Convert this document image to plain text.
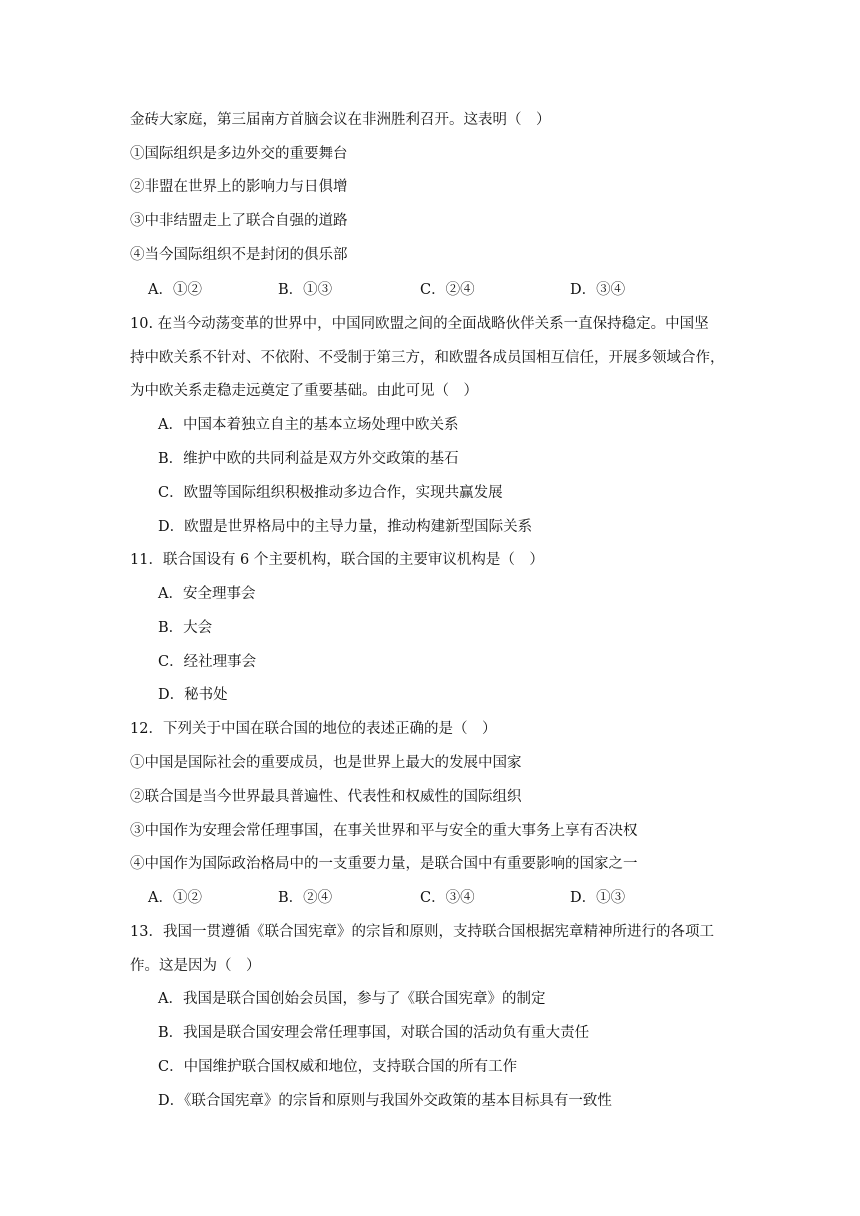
金砖大家庭，第三届南方首脑会议在非洲胜利召开。这表明（　）
①国际组织是多边外交的重要舞台
②非盟在世界上的影响力与日俱增
③中非结盟走上了联合自强的道路
④当今国际组织不是封闭的俱乐部
A．①②	B．①③	C．②④	D．③④
10. 在当今动荡变革的世界中，中国同欧盟之间的全面战略伙伴关系一直保持稳定。中国坚
持中欧关系不针对、不依附、不受制于第三方，和欧盟各成员国相互信任，开展多领域合作，
为中欧关系走稳走远奠定了重要基础。由此可见（　）
A．中国本着独立自主的基本立场处理中欧关系
B．维护中欧的共同利益是双方外交政策的基石
C．欧盟等国际组织积极推动多边合作，实现共赢发展
D．欧盟是世界格局中的主导力量，推动构建新型国际关系
11．联合国设有 6 个主要机构，联合国的主要审议机构是（　）
A．安全理事会
B．大会
C．经社理事会
D．秘书处
12．下列关于中国在联合国的地位的表述正确的是（　）
①中国是国际社会的重要成员，也是世界上最大的发展中国家
②联合国是当今世界最具普遍性、代表性和权威性的国际组织
③中国作为安理会常任理事国，在事关世界和平与安全的重大事务上享有否决权
④中国作为国际政治格局中的一支重要力量，是联合国中有重要影响的国家之一
A．①②	B．②④	C．③④	D．①③
13．我国一贯遵循《联合国宪章》的宗旨和原则，支持联合国根据宪章精神所进行的各项工
作。这是因为（　）
A．我国是联合国创始会员国，参与了《联合国宪章》的制定
B．我国是联合国安理会常任理事国，对联合国的活动负有重大责任
C．中国维护联合国权威和地位，支持联合国的所有工作
D．《联合国宪章》的宗旨和原则与我国外交政策的基本目标具有一致性
